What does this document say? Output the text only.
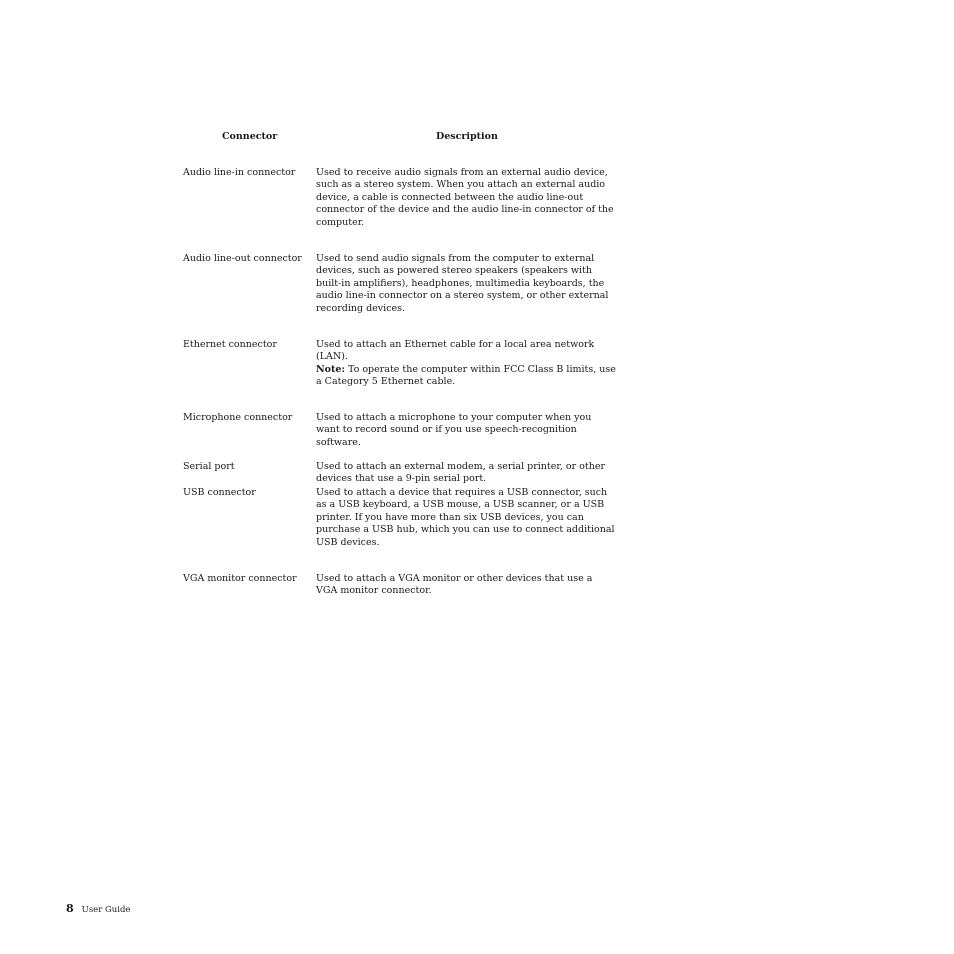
Connector	Description
Audio line-in connector	Used to receive audio signals from an external audio device, such as a stereo system. When you attach an external audio device, a cable is connected between the audio line-out connector of the device and the audio line-in connector of the computer.

Audio line-out connector	Used to send audio signals from the computer to external devices, such as powered stereo speakers (speakers with built-in amplifiers), headphones, multimedia keyboards, the audio line-in connector on a stereo system, or other external recording devices.

Ethernet connector	Used to attach an Ethernet cable for a local area network (LAN).

Note: To operate the computer within FCC Class B limits, use a Category 5 Ethernet cable.

Microphone connector	Used to attach a microphone to your computer when you want to record sound or if you use speech-recognition software.

Serial port	Used to attach an external modem, a serial printer, or other devices that use a 9-pin serial port.

USB connector	Used to attach a device that requires a USB connector, such as a USB keyboard, a USB mouse, a USB scanner, or a USB printer. If you have more than six USB devices, you can purchase a USB hub, which you can use to connect additional USB devices.

VGA monitor connector	Used to attach a VGA monitor or other devices that use a VGA monitor connector.

8 User Guide
